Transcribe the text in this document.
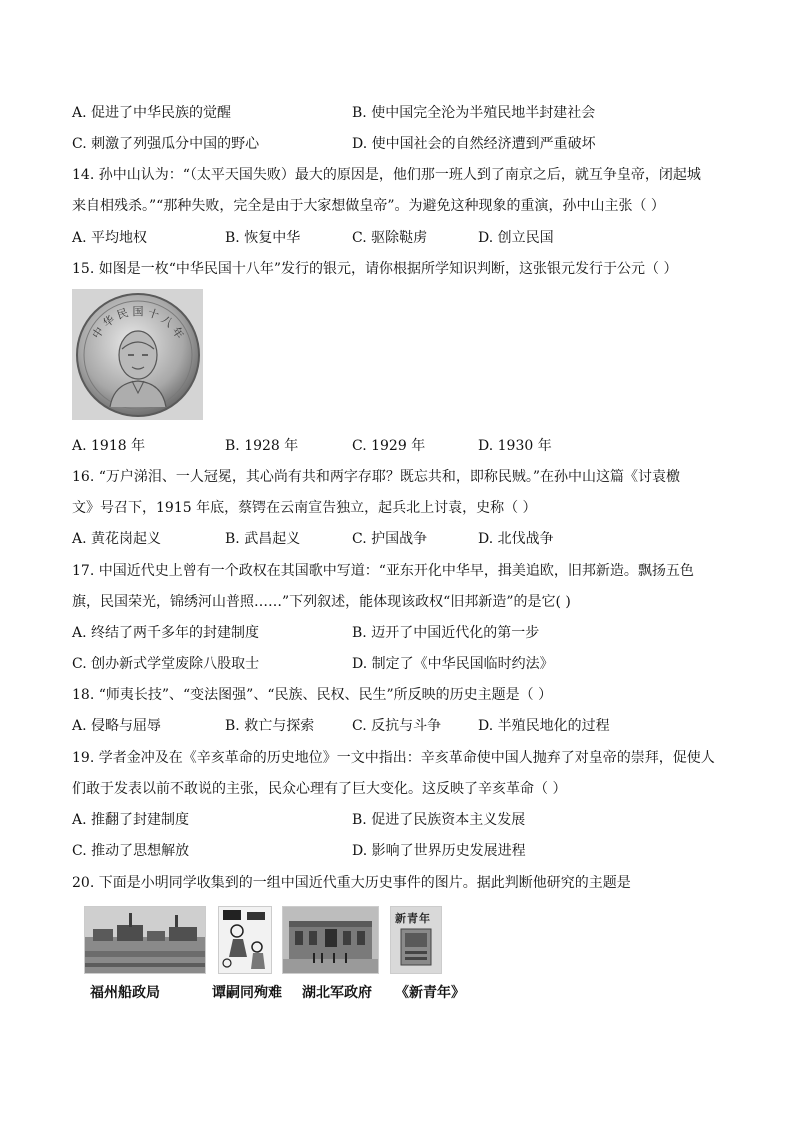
A. 促进了中华民族的觉醒	B. 使中国完全沦为半殖民地半封建社会
C. 刺激了列强瓜分中国的野心	D. 使中国社会的自然经济遭到严重破坏
14. 孙中山认为：“（太平天国失败）最大的原因是，他们那一班人到了南京之后，就互争皇帝，闭起城
来自相残杀。”“那种失败，完全是由于大家想做皇帝”。为避免这种现象的重演，孙中山主张（ ）
A. 平均地权	B. 恢复中华	C. 驱除鞑虏	D. 创立民国
15. 如图是一枚“中华民国十八年”发行的银元，请你根据所学知识判断，这张银元发行于公元（ ）
中 华 民 国 十 八 年
A. 1918 年	B. 1928 年	C. 1929 年	D. 1930 年
16. “万户涕泪、一人冠冕，其心尚有共和两字存耶？既忘共和，即称民贼。”在孙中山这篇《讨袁檄
文》号召下，1915 年底，蔡锷在云南宣告独立，起兵北上讨袁，史称（ ）
A. 黄花岗起义	B. 武昌起义	C. 护国战争	D. 北伐战争
17. 中国近代史上曾有一个政权在其国歌中写道：“亚东开化中华早，揖美追欧，旧邦新造。飘扬五色
旗，民国荣光，锦绣河山普照……”下列叙述，能体现该政权“旧邦新造”的是它( )
A. 终结了两千多年的封建制度	B. 迈开了中国近代化的第一步
C. 创办新式学堂废除八股取士	D. 制定了《中华民国临时约法》
18. “师夷长技”、“变法图强”、“民族、民权、民生”所反映的历史主题是（ ）
A. 侵略与屈辱	B. 救亡与探索	C. 反抗与斗争	D. 半殖民地化的过程
19. 学者金冲及在《辛亥革命的历史地位》一文中指出：辛亥革命使中国人抛弃了对皇帝的崇拜，促使人
们敢于发表以前不敢说的主张，民众心理有了巨大变化。这反映了辛亥革命（ ）
A. 推翻了封建制度	B. 促进了民族资本主义发展
C. 推动了思想解放	D. 影响了世界历史发展进程
20. 下面是小明同学收集到的一组中国近代重大历史事件的图片。据此判断他研究的主题是
福州船政局	谭嗣同殉难 湖北军政府
新青年
《新青年》
